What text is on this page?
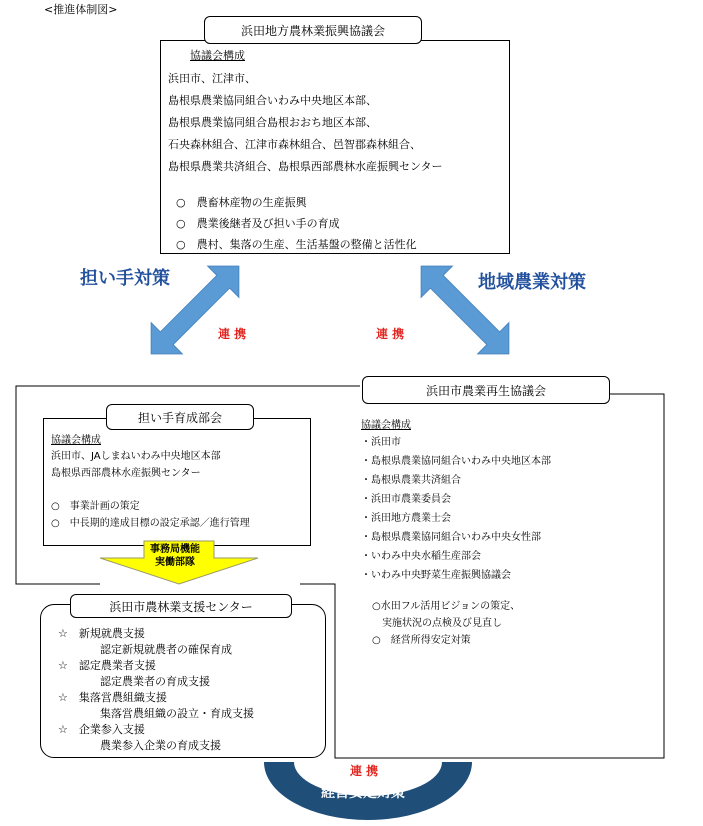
<推進体制図>
担い手対策	地域農業対策
連 携	連 携
浜田地方農林業振興協議会
協議会構成
浜田市、江津市、
島根県農業協同組合いわみ中央地区本部、
島根県農業協同組合島根おおち地区本部、
石央森林組合、江津市森林組合、邑智郡森林組合、
島根県農業共済組合、島根県西部農林水産振興センター
○　農畜林産物の生産振興
○　農業後継者及び担い手の育成
○　農村、集落の生産、生活基盤の整備と活性化
担い手育成部会
協議会構成
浜田市、JAしまねいわみ中央地区本部
島根県西部農林水産振興センター
○　事業計画の策定
○　中長期的達成目標の設定承認／進行管理
事務局機能
実働部隊
浜田市農業再生協議会
協議会構成
・浜田市
・島根県農業協同組合いわみ中央地区本部
・島根県農業共済組合
・浜田市農業委員会
・浜田地方農業士会
・島根県農業協同組合いわみ中央女性部
・いわみ中央水稲生産部会
・いわみ中央野菜生産振興協議会
○水田フル活用ビジョンの策定、
　実施状況の点検及び見直し
○　経営所得安定対策
浜田市農林業支援センター
☆　新規就農支援
認定新規就農者の確保育成
☆　認定農業者支援
認定農業者の育成支援
☆　集落営農組織支援
集落営農組織の設立・育成支援
☆　企業参入支援
農業参入企業の育成支援
連 携
経営安定対策
